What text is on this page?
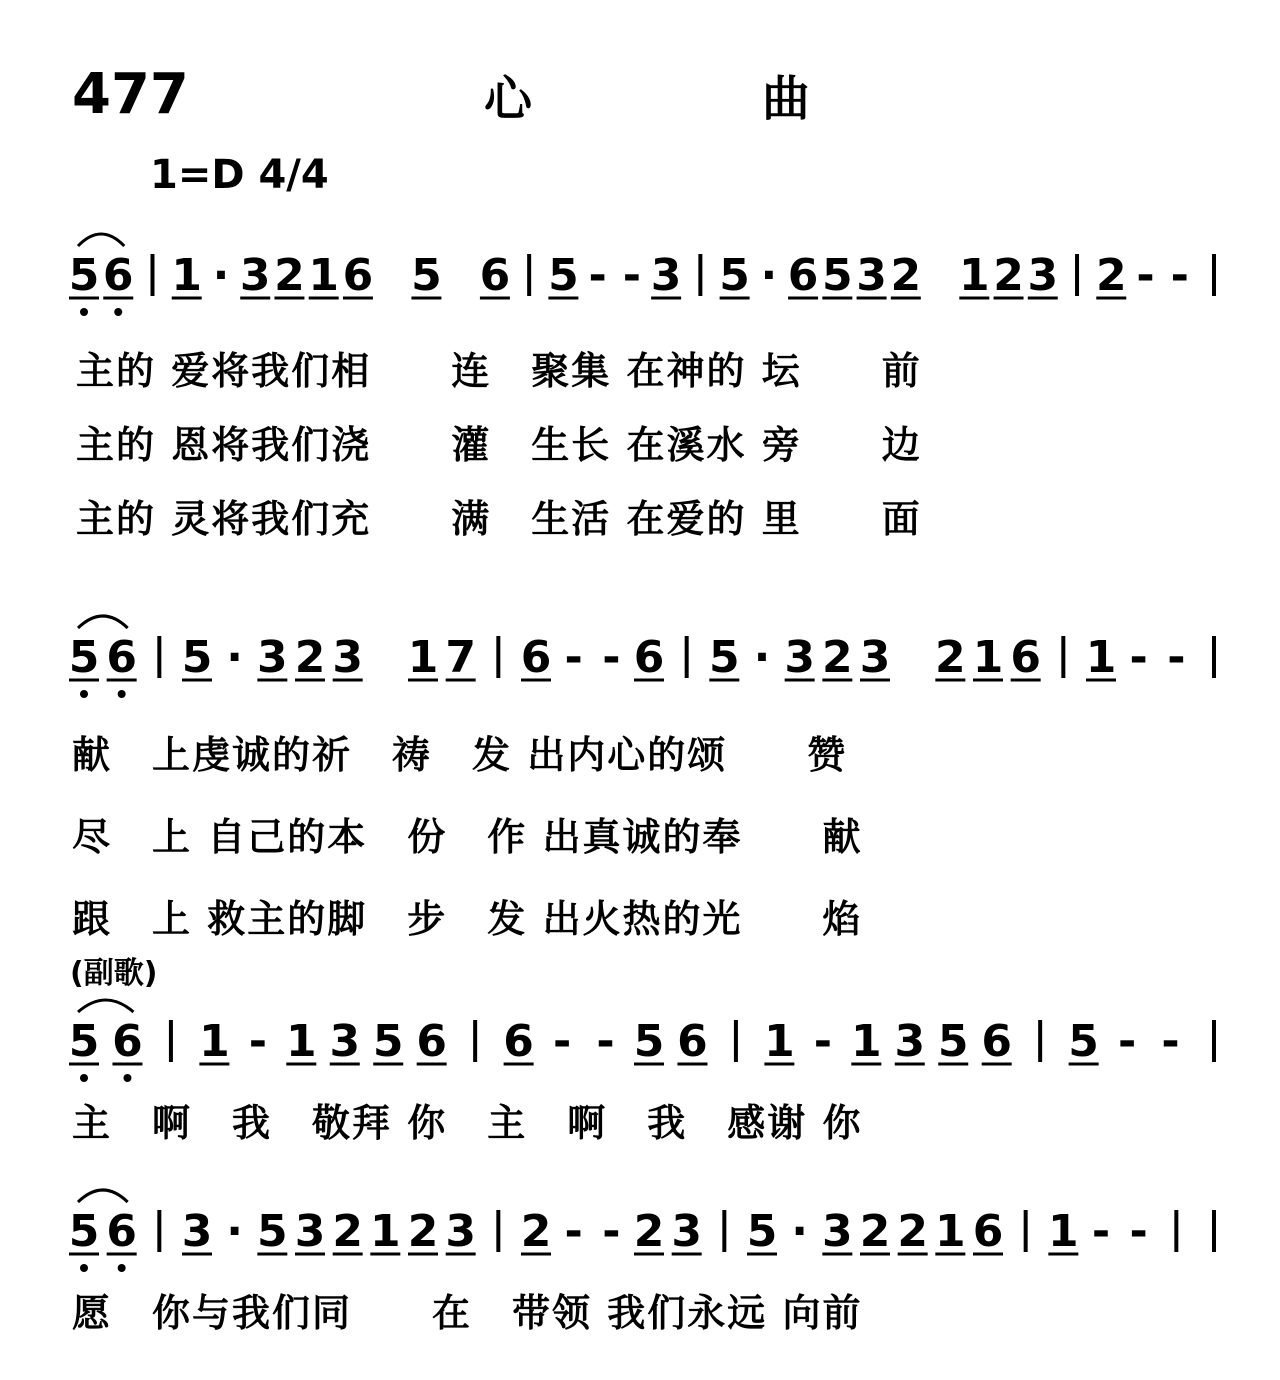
477	心	曲
1=D 4/4
5 6 1 · 3 2 1 6 5 6 5 - - 3 5 · 6 5 3 2 1 2 3 2 - -
5 6 5 · 3 2 3 1 7 6 - - 6 5 · 3 2 3 2 1 6 1 - -
5 6 1 - 1 3 5 6 6 - - 5 6 1 - 1 3 5 6 5 - -
5 6 3 · 5 3 2 1 2 3 2 - - 2 3 5 · 3 2 2 1 6 1 - -
主的 爱将我们相　　连　聚集 在神的 坛　　前
主的 恩将我们浇　　灌　生长 在溪水 旁　　边
主的 灵将我们充　　满　生活 在爱的 里　　面
献　上虔诚的祈　祷　发 出内心的颂　　赞
尽　上 自己的本　份　作 出真诚的奉　　献
跟　上 救主的脚　步　发 出火热的光　　焰
(副歌)
主　啊　我　敬拜 你　主　啊　我　感谢 你
愿　你与我们同　　在　带领 我们永远 向前
